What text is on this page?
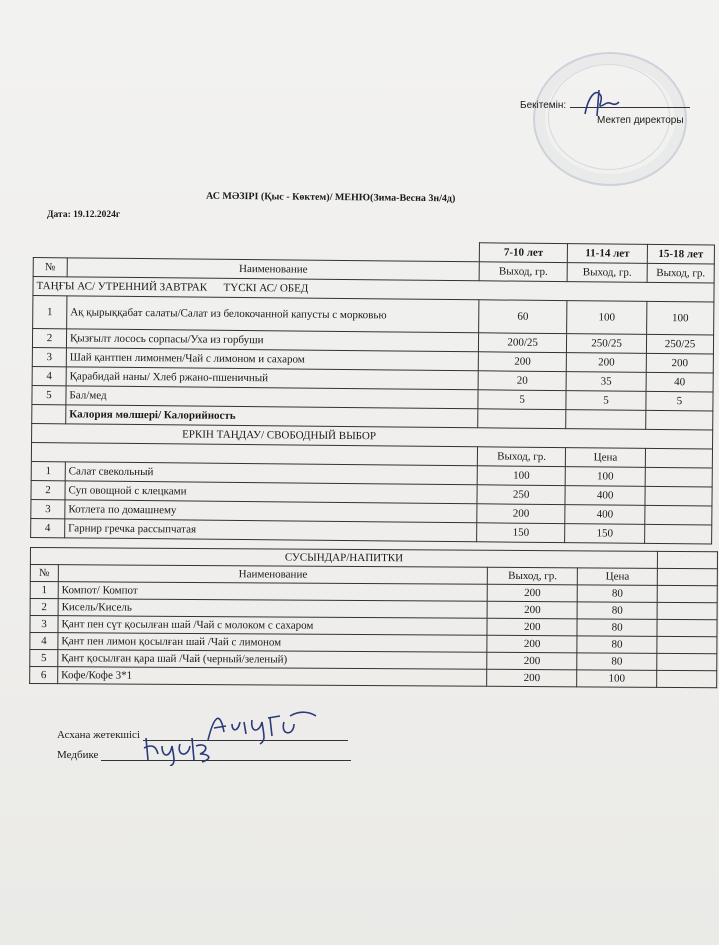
Бекітемін:
Мектеп директоры
АС МӘЗІРІ (Қыс - Көктем)/ МЕНЮ(Зима-Весна 3н/4д)
Дата: 19.12.2024г
		7-10 лет	11-14 лет	15-18 лет
№	Наименование	Выход, гр.	Выход, гр.	Выход, гр.
ТАҢҒЫ АС/ УТРЕННИЙ ЗАВТРАК      ТҮСКІ АС/ ОБЕД				
1	Ақ қырыққабат салаты/Салат из белокочанной капусты с морковью	60	100	100
2	Қызғылт лосось сорпасы/Уха из горбуши	200/25	250/25	250/25
3	Шай қантпен лимонмен/Чай с лимоном и сахаром	200	200	200
4	Қарабидай наны/ Хлеб ржано-пшеничный	20	35	40
5	Бал/мед	5	5	5
	Калория мөлшері/ Калорийность			
ЕРКІН ТАҢДАУ/ СВОБОДНЫЙ ВЫБОР				
		Выход, гр.	Цена	
1	Салат свекольный	100	100	
2	Суп овощной с клецками	250	400	
3	Котлета по домашнему	200	400	
4	Гарнир гречка рассыпчатая	150	150	
СУСЫНДАР/НАПИТКИ				
№	Наименование	Выход, гр.	Цена	
1	Компот/ Компот	200	80	
2	Кисель/Кисель	200	80	
3	Қант пен сүт қосылған шай /Чай с молоком с сахаром	200	80	
4	Қант пен лимон қосылған шай /Чай с лимоном	200	80	
5	Қант қосылған қара шай /Чай (черный/зеленый)	200	80	
6	Кофе/Кофе 3*1	200	100	
Асхана жетекшісі
Медбике
